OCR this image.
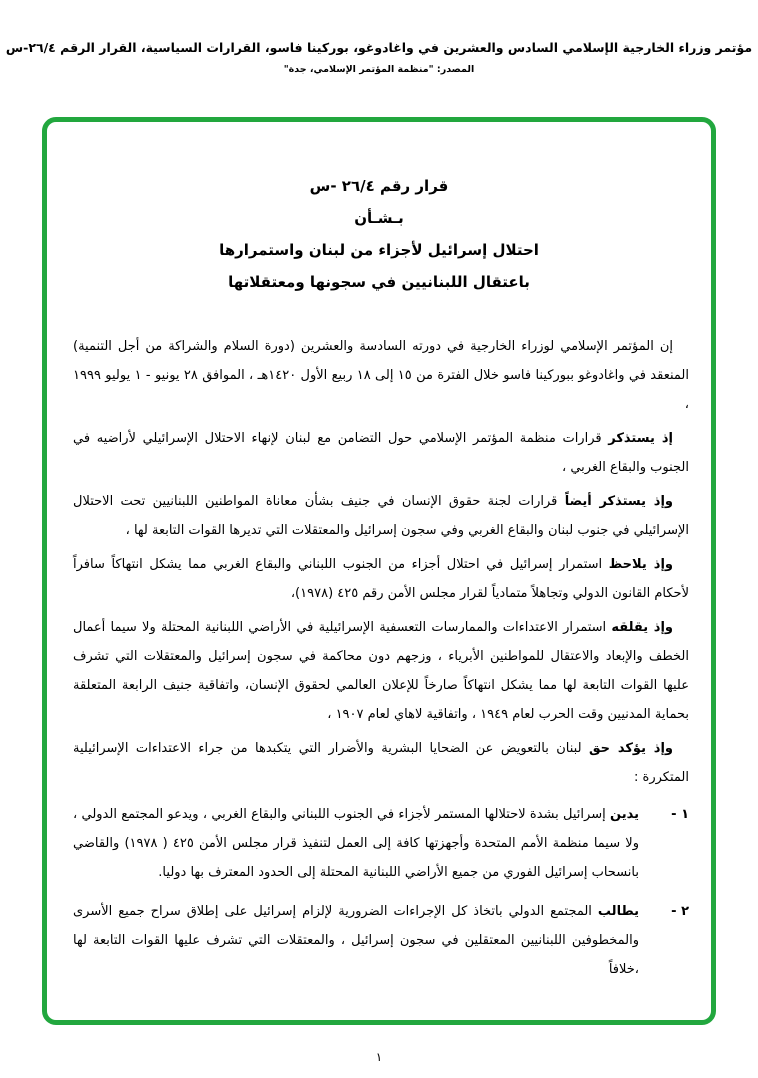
مؤتمر وزراء الخارجية الإسلامي السادس والعشرين في واغادوغو، بوركينا فاسو، القرارات السياسية، القرار الرقم ٢٦/٤-س
المصدر: "منظمة المؤتمر الإسلامي، جدة"
قرار رقم ٢٦/٤ -س
بـشـأن
احتلال إسرائيل لأجزاء من لبنان واستمرارها
باعتقال اللبنانيين في سجونها ومعتقلاتها

إن المؤتمر الإسلامي لوزراء الخارجية في دورته السادسة والعشرين (دورة السلام والشراكة من أجل التنمية) المنعقد في واغادوغو ببوركينا فاسو خلال الفترة من ١٥ إلى ١٨ ربيع الأول ١٤٢٠هـ ، الموافق ٢٨ يونيو - ١ يوليو ١٩٩٩ ،

إذ يستذكر قرارات منظمة المؤتمر الإسلامي حول التضامن مع لبنان لإنهاء الاحتلال الإسرائيلي لأراضيه في الجنوب والبقاع الغربي ،

وإذ يستذكر أيضاً قرارات لجنة حقوق الإنسان في جنيف بشأن معاناة المواطنين اللبنانيين تحت الاحتلال الإسرائيلي في جنوب لبنان والبقاع الغربي وفي سجون إسرائيل والمعتقلات التي تديرها القوات التابعة لها ،

وإذ يلاحظ استمرار إسرائيل في احتلال أجزاء من الجنوب اللبناني والبقاع الغربي مما يشكل انتهاكاً سافراً لأحكام القانون الدولي وتجاهلاً متمادياً لقرار مجلس الأمن رقم ٤٢٥ (١٩٧٨)،

وإذ يقلقه استمرار الاعتداءات والممارسات التعسفية الإسرائيلية في الأراضي اللبنانية المحتلة ولا سيما أعمال الخطف والإبعاد والاعتقال للمواطنين الأبرياء ، وزجهم دون محاكمة في سجون إسرائيل والمعتقلات التي تشرف عليها القوات التابعة لها مما يشكل انتهاكاً صارخاً للإعلان العالمي لحقوق الإنسان، واتفاقية جنيف الرابعة المتعلقة بحماية المدنيين وقت الحرب لعام ١٩٤٩ ، واتفاقية لاهاي لعام ١٩٠٧ ،

وإذ يؤكد حق لبنان بالتعويض عن الضحايا البشرية والأضرار التي يتكبدها من جراء الاعتداءات الإسرائيلية المتكررة :

١ -
يدين إسرائيل بشدة لاحتلالها المستمر لأجزاء في الجنوب اللبناني والبقاع الغربي ، ويدعو المجتمع الدولي ، ولا سيما منظمة الأمم المتحدة وأجهزتها كافة إلى العمل لتنفيذ قرار مجلس الأمن ٤٢٥ ( ١٩٧٨) والقاضي بانسحاب إسرائيل الفوري من جميع الأراضي اللبنانية المحتلة إلى الحدود المعترف بها دوليا.
٢ -
يطالب المجتمع الدولي باتخاذ كل الإجراءات الضرورية لإلزام إسرائيل على إطلاق سراح جميع الأسرى والمخطوفين اللبنانيين المعتقلين في سجون إسرائيل ، والمعتقلات التي تشرف عليها القوات التابعة لها ،خلافاً
١
